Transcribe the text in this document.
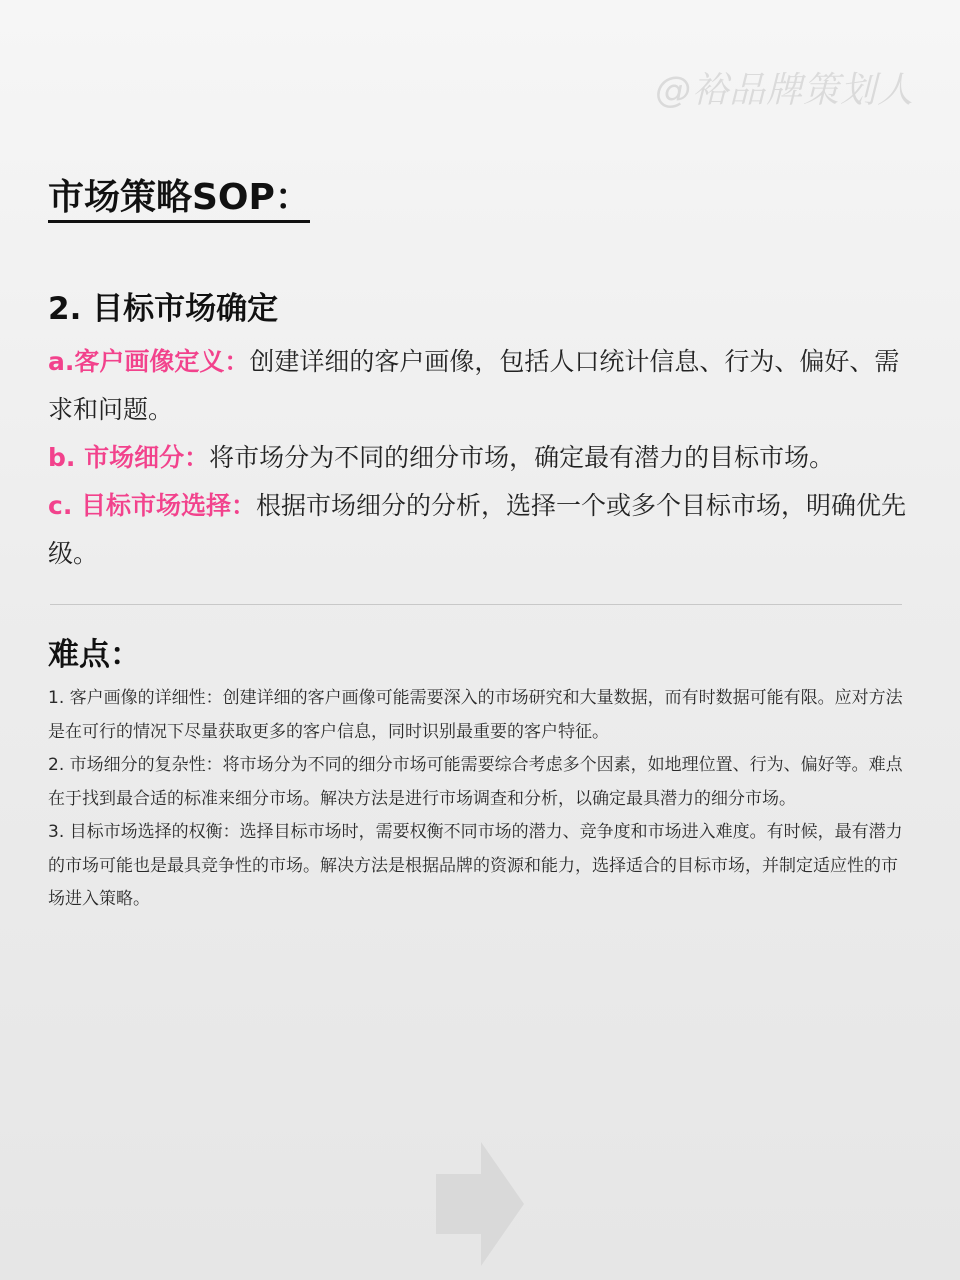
@裕品牌策划人
市场策略SOP：
2. 目标市场确定

a.客户画像定义：创建详细的客户画像，包括人口统计信息、行为、偏好、需求和问题。

b. 市场细分：将市场分为不同的细分市场，确定最有潜力的目标市场。

c. 目标市场选择：根据市场细分的分析，选择一个或多个目标市场，明确优先级。

难点：

1. 客户画像的详细性：创建详细的客户画像可能需要深入的市场研究和大量数据，而有时数据可能有限。应对方法是在可行的情况下尽量获取更多的客户信息，同时识别最重要的客户特征。

2. 市场细分的复杂性：将市场分为不同的细分市场可能需要综合考虑多个因素，如地理位置、行为、偏好等。难点在于找到最合适的标准来细分市场。解决方法是进行市场调查和分析，以确定最具潜力的细分市场。

3. 目标市场选择的权衡：选择目标市场时，需要权衡不同市场的潜力、竞争度和市场进入难度。有时候，最有潜力的市场可能也是最具竞争性的市场。解决方法是根据品牌的资源和能力，选择适合的目标市场，并制定适应性的市场进入策略。
